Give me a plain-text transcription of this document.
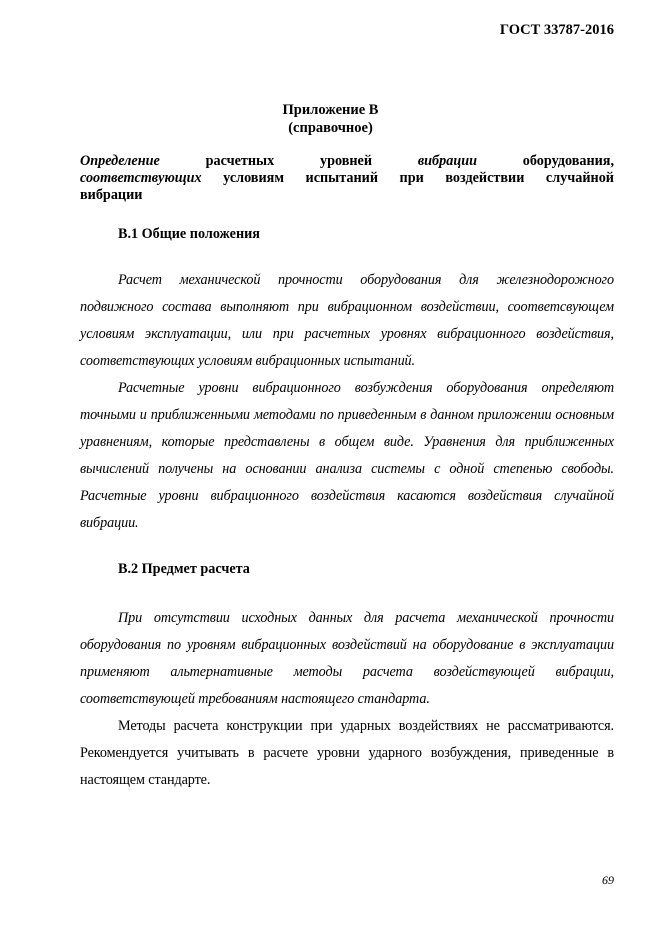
ГОСТ 33787-2016
Приложение В
(справочное)
Определение	расчетных	уровней	вибрации	оборудования,
соответствующих условиям испытаний при воздействии случайной
вибрации
В.1 Общие положения

Расчет механической прочности оборудования для железнодорожного подвижного состава выполняют при вибрационном воздействии, соответсвующем условиям эксплуатации, или при расчетных уровнях вибрационного воздействия, соответствующих условиям вибрационных испытаний.

Расчетные уровни вибрационного возбуждения оборудования определяют точными и приближенными методами по приведенным в данном приложении основным уравнениям, которые представлены в общем виде. Уравнения для приближенных вычислений получены на основании анализа системы с одной степенью свободы. Расчетные уровни вибрационного воздействия касаются воздействия случайной вибрации.

В.2 Предмет расчета

При отсутствии исходных данных для расчета механической прочности оборудования по уровням вибрационных воздействий на оборудование в эксплуатации применяют альтернативные методы расчета воздействующей вибрации, соответствующей требованиям настоящего стандарта.

Методы расчета конструкции при ударных воздействиях не рассматриваются. Рекомендуется учитывать в расчете уровни ударного возбуждения, приведенные в настоящем стандарте.

69
